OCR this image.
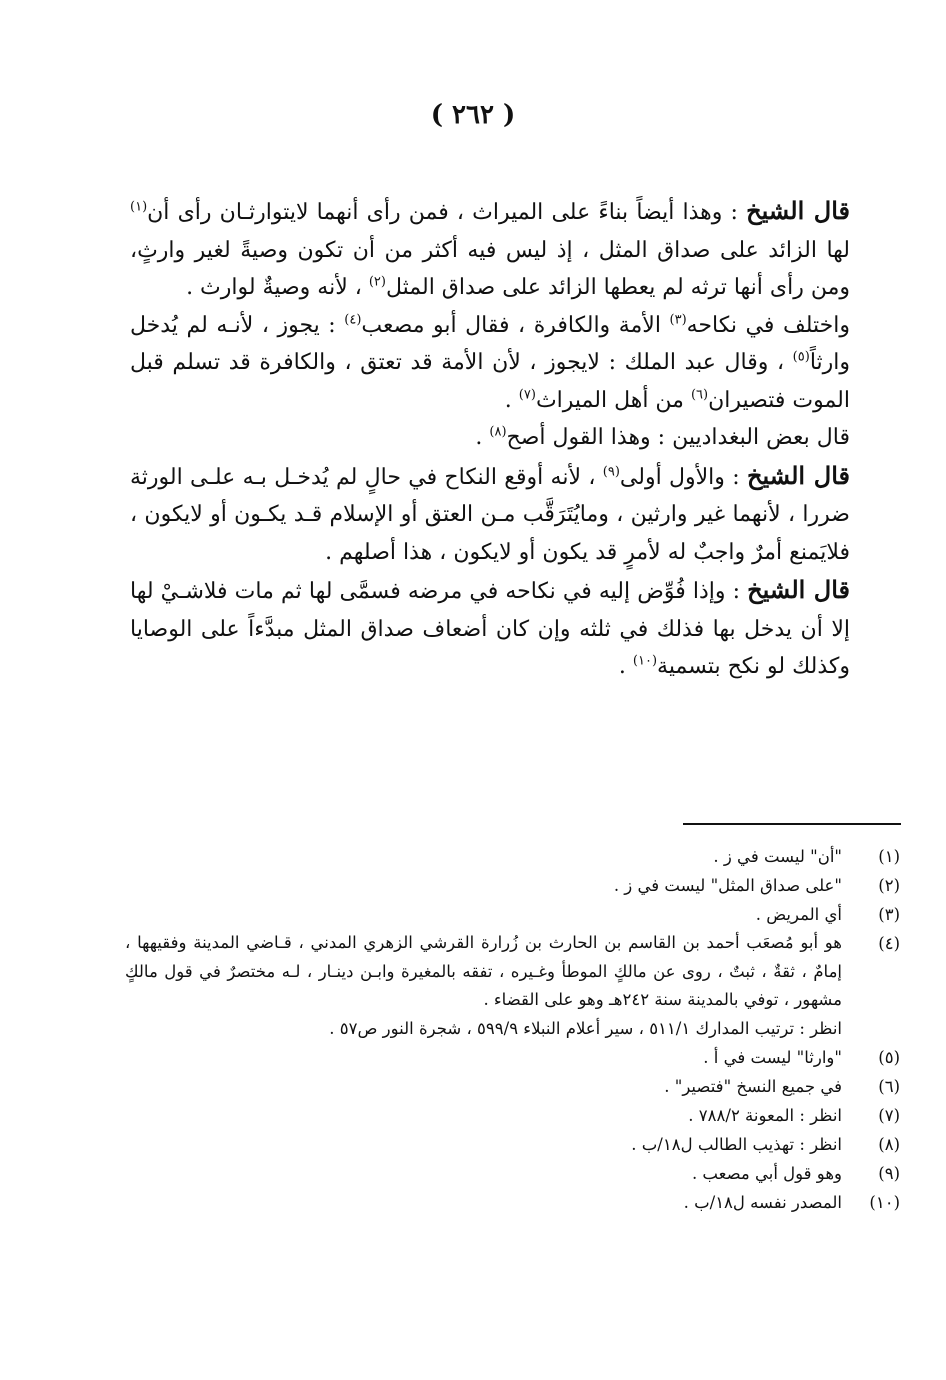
( ٢٦٢ )

قال الشيخ : وهذا أيضاً بناءً على الميراث ، فمن رأى أنهما لايتوارثـان رأى أن$^{(١)}$ لها الزائد على صداق المثل ، إذ ليس فيه أكثر من أن تكون وصيةً لغير وارثٍ، ومن رأى أنها ترثه لم يعطها الزائد على صداق المثل$^{(٢)}$ ، لأنه وصيةٌ لوارث .

واختلف في نكاحه$^{(٣)}$ الأمة والكافرة ، فقال أبو مصعب$^{(٤)}$ : يجوز ، لأنـه لم يُدخل وارثاً$^{(٥)}$ ، وقال عبد الملك : لايجوز ، لأن الأمة قد تعتق ، والكافرة قد تسلم قبل الموت فتصيران$^{(٦)}$ من أهل الميراث$^{(٧)}$ .

قال بعض البغداديين : وهذا القول أصح$^{(٨)}$ .

قال الشيخ : والأول أولى$^{(٩)}$ ، لأنه أوقع النكاح في حالٍ لم يُدخـل بـه علـى الورثة ضررا ، لأنهما غير وارثين ، ومايُتَرَقَّب مـن العتق أو الإسلام قـد يكـون أو لايكون ، فلايَمنع أمرٌ واجبٌ له لأمرٍ قد يكون أو لايكون ، هذا أصلهم .

قال الشيخ : وإذا فُوِّض إليه في نكاحه في مرضه فسمَّى لها ثم مات فلاشـيْ لها إلا أن يدخل بها فذلك في ثلثه وإن كان أضعاف صداق المثل مبدَّءاً على الوصايا وكذلك لو نكح بتسمية$^{(١٠)}$ .

(١)
"أن" ليست في ز .
(٢)
"على صداق المثل" ليست في ز .
(٣)
أي المريض .
(٤)
هو أبو مُصعَب أحمد بن القاسم بن الحارث بن زُرارة القرشي الزهري المدني ، قـاضي المدينة وفقيهها ، إمامٌ ، ثقةٌ ، ثبتٌ ، روى عن مالكٍ الموطأ وغـيره ، تفقه بالمغيرة وابـن دينـار ، لـه مختصرٌ في قول مالكٍ مشهور ، توفي بالمدينة سنة ٢٤٢هـ وهو على القضاء .
انظر : ترتيب المدارك ٥١١/١ ، سير أعلام النبلاء ٥٩٩/٩ ، شجرة النور ص٥٧ .
(٥)
"وارثا" ليست في أ .
(٦)
في جميع النسخ "فتصير" .
(٧)
انظر : المعونة ٧٨٨/٢ .
(٨)
انظر : تهذيب الطالب ل١٨/ب .
(٩)
وهو قول أبي مصعب .
(١٠)
المصدر نفسه ل١٨/ب .
